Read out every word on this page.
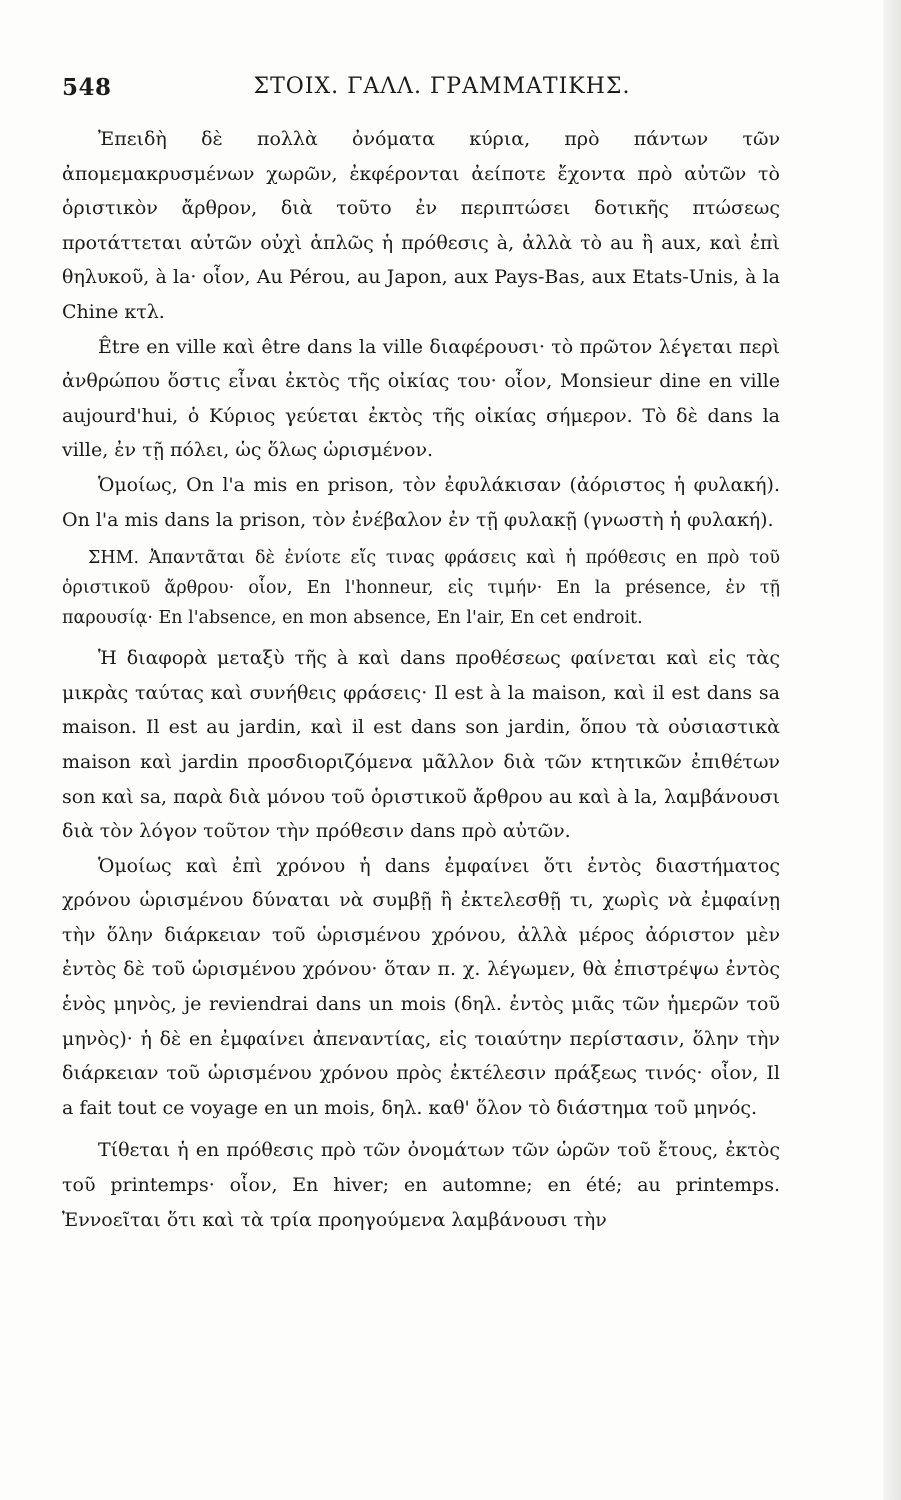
548	ΣΤΟΙΧ. ΓΑΛΛ. ΓΡΑΜΜΑΤΙΚΗΣ.

Ἐπειδὴ δὲ πολλὰ ὀνόματα κύρια, πρὸ πάντων τῶν ἀπομεμακρυσμένων χωρῶν, ἐκφέρονται ἀείποτε ἔχοντα πρὸ αὐτῶν τὸ ὁριστικὸν ἄρθρον, διὰ τοῦτο ἐν περιπτώσει δοτικῆς πτώσεως προτάττεται αὐτῶν οὐχὶ ἁπλῶς ἡ πρόθεσις à, ἀλλὰ τὸ au ἢ aux, καὶ ἐπὶ θηλυκοῦ, à la· οἷον, Au Pérou, au Japon, aux Pays-Bas, aux Etats-Unis, à la Chine κτλ.

Être en ville καὶ être dans la ville διαφέρουσι· τὸ πρῶτον λέγεται περὶ ἀνθρώπου ὅστις εἶναι ἐκτὸς τῆς οἰκίας του· οἷον, Monsieur dine en ville aujourd'hui, ὁ Κύριος γεύεται ἐκτὸς τῆς οἰκίας σήμερον. Τὸ δὲ dans la ville, ἐν τῇ πόλει, ὡς ὅλως ὡρισμένον.

Ὁμοίως, On l'a mis en prison, τὸν ἐφυλάκισαν (ἀόριστος ἡ φυλακή). On l'a mis dans la prison, τὸν ἐνέβαλον ἐν τῇ φυλακῇ (γνωστὴ ἡ φυλακή).

ΣΗΜ. Ἀπαντᾶται δὲ ἐνίοτε εἴς τινας φράσεις καὶ ἡ πρόθεσις en πρὸ τοῦ ὁριστικοῦ ἄρθρου· οἷον, En l'honneur, εἰς τιμήν· En la présence, ἐν τῇ παρουσίᾳ· En l'absence, en mon absence, En l'air, En cet endroit.

Ἡ διαφορὰ μεταξὺ τῆς à καὶ dans προθέσεως φαίνεται καὶ εἰς τὰς μικρὰς ταύτας καὶ συνήθεις φράσεις· Il est à la maison, καὶ il est dans sa maison. Il est au jardin, καὶ il est dans son jardin, ὅπου τὰ οὐσιαστικὰ maison καὶ jardin προσδιοριζόμενα μᾶλλον διὰ τῶν κτητικῶν ἐπιθέτων son καὶ sa, παρὰ διὰ μόνου τοῦ ὁριστικοῦ ἄρθρου au καὶ à la, λαμβάνουσι διὰ τὸν λόγον τοῦτον τὴν πρόθεσιν dans πρὸ αὐτῶν.

Ὁμοίως καὶ ἐπὶ χρόνου ἡ dans ἐμφαίνει ὅτι ἐντὸς διαστήματος χρόνου ὡρισμένου δύναται νὰ συμβῇ ἢ ἐκτελεσθῇ τι, χωρὶς νὰ ἐμφαίνῃ τὴν ὅλην διάρκειαν τοῦ ὡρισμένου χρόνου, ἀλλὰ μέρος ἀόριστον μὲν ἐντὸς δὲ τοῦ ὡρισμένου χρόνου· ὅταν π. χ. λέγωμεν, θὰ ἐπιστρέψω ἐντὸς ἑνὸς μηνὸς, je reviendrai dans un mois (δηλ. ἐντὸς μιᾶς τῶν ἡμερῶν τοῦ μηνὸς)· ἡ δὲ en ἐμφαίνει ἀπεναντίας, εἰς τοιαύτην περίστασιν, ὅλην τὴν διάρκειαν τοῦ ὡρισμένου χρόνου πρὸς ἐκτέλεσιν πράξεως τινός· οἷον, Il a fait tout ce voyage en un mois, δηλ. καθ' ὅλον τὸ διάστημα τοῦ μηνός.

Τίθεται ἡ en πρόθεσις πρὸ τῶν ὀνομάτων τῶν ὡρῶν τοῦ ἔτους, ἐκτὸς τοῦ printemps· οἷον, En hiver; en automne; en été; au printemps. Ἐννοεῖται ὅτι καὶ τὰ τρία προηγούμενα λαμβάνουσι τὴν
